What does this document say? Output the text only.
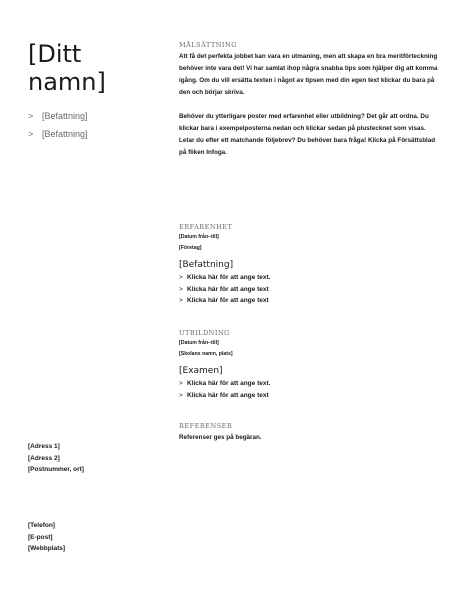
[Ditt
namn]
> [Befattning]
> [Befattning]
[Adress 1]
[Adress 2]
[Postnummer, ort]
[Telefon]
[E-post]
[Webbplats]
MÅLSÄTTNING
Att få det perfekta jobbet kan vara en utmaning, men att skapa en bra meritförteckning behöver inte vara det! Vi har samlat ihop några snabba tips som hjälper dig att komma igång. Om du vill ersätta texten i något av tipsen med din egen text klickar du bara på den och börjar skriva.
Behöver du ytterligare poster med erfarenhet eller utbildning? Det går att ordna. Du klickar bara i exempelposterna nedan och klickar sedan på plustecknet som visas. Letar du efter ett matchande följebrev? Du behöver bara fråga! Klicka på Försättsblad på fliken Infoga.
ERFARENHET
[Datum från–till]
[Företag]
[Befattning]
> Klicka här för att ange text.
> Klicka här för att ange text
> Klicka här för att ange text
UTBILDNING
[Datum från–till]
[Skolans namn, plats]
[Examen]
> Klicka här för att ange text.
> Klicka här för att ange text
REFERENSER
Referenser ges på begäran.
